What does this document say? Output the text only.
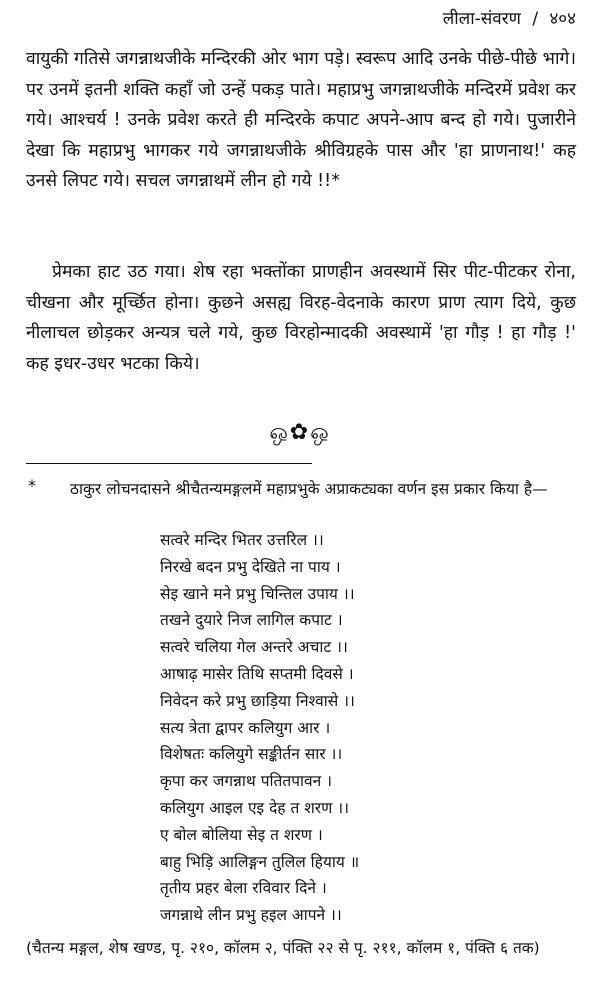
लीला-संवरण / ४०४
वायुकी गतिसे जगन्नाथजीके मन्दिरकी ओर भाग पड़े। स्वरूप आदि उनके पीछे-पीछे भागे। पर उनमें इतनी शक्ति कहाँ जो उन्हें पकड़ पाते। महाप्रभु जगन्नाथजीके मन्दिरमें प्रवेश कर गये। आश्चर्य ! उनके प्रवेश करते ही मन्दिरके कपाट अपने-आप बन्द हो गये। पुजारीने देखा कि महाप्रभु भागकर गये जगन्नाथजीके श्रीविग्रहके पास और 'हा प्राणनाथ!' कह उनसे लिपट गये। सचल जगन्नाथमें लीन हो गये !!*
प्रेमका हाट उठ गया। शेष रहा भक्तोंका प्राणहीन अवस्थामें सिर पीट-पीटकर रोना, चीखना और मूर्च्छित होना। कुछने असह्य विरह-वेदनाके कारण प्राण त्याग दिये, कुछ नीलाचल छोड़कर अन्यत्र चले गये, कुछ विरहोन्मादकी अवस्थामें 'हा गौड़ ! हा गौड़ !' कह इधर-उधर भटका किये।
ஒ✿ஒ
* ठाकुर लोचनदासने श्रीचैतन्यमङ्गलमें महाप्रभुके अप्राकट्यका वर्णन इस प्रकार किया है—
सत्वरे मन्दिर भितर उत्तरिल ।।
निरखे बदन प्रभु देखिते ना पाय ।
सेइ खाने मने प्रभु चिन्तिल उपाय ।।
तखने दुयारे निज लागिल कपाट ।
सत्वरे चलिया गेल अन्तरे अचाट ।।
आषाढ़ मासेर तिथि सप्तमी दिवसे ।
निवेदन करे प्रभु छाड़िया निश्वासे ।।
सत्य त्रेता द्वापर कलियुग आर ।
विशेषतः कलियुगे सङ्कीर्तन सार ।।
कृपा कर जगन्नाथ पतितपावन ।
कलियुग आइल एइ देह त शरण ।।
ए बोल बोलिया सेइ त शरण ।
बाहु भिड़ि आलिङ्गन तुलिल हियाय ॥
तृतीय प्रहर बेला रविवार दिने ।
जगन्नाथे लीन प्रभु हइल आपने ।।
(चैतन्य मङ्गल, शेष खण्ड, पृ. २१०, कॉलम २, पंक्ति २२ से पृ. २११, कॉलम १, पंक्ति ६ तक)
